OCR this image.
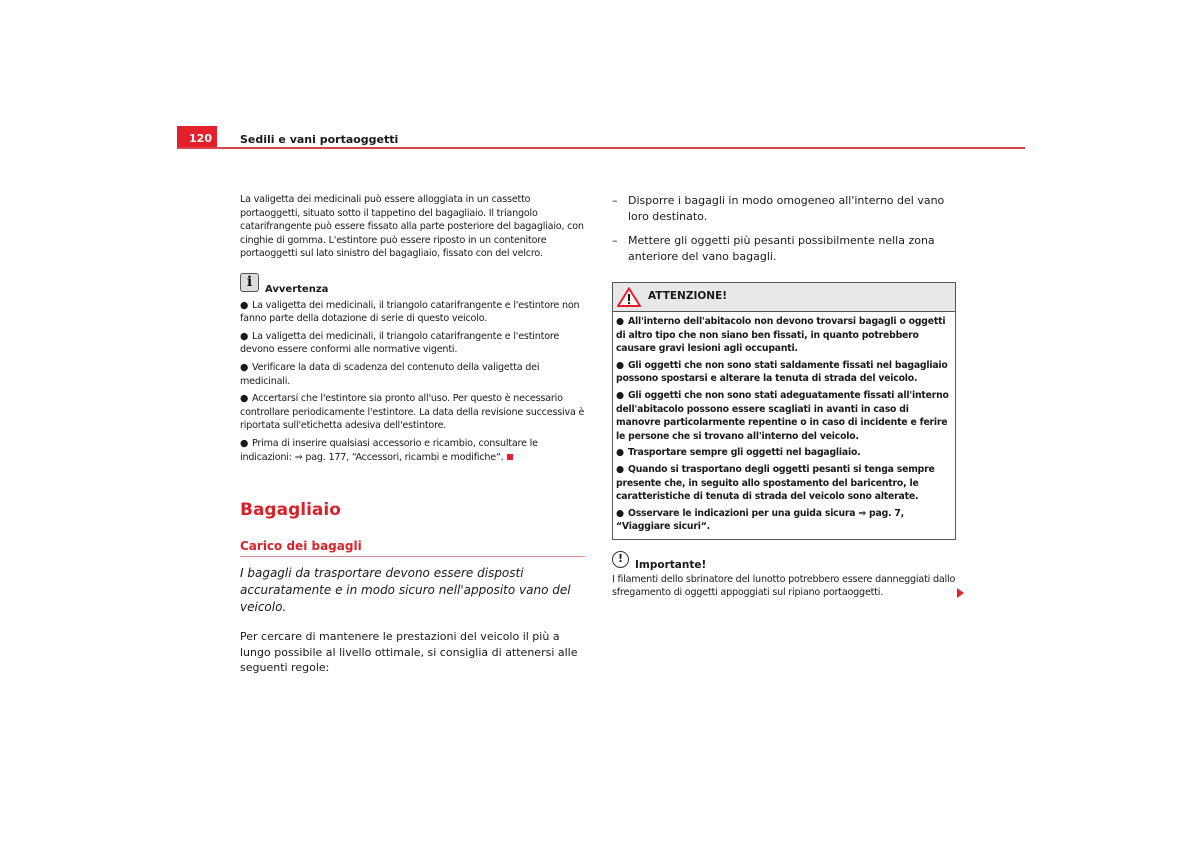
120	Sedili e vani portaoggetti

La valigetta dei medicinali può essere alloggiata in un cassetto portaoggetti, situato sotto il tappetino del bagagliaio. Il triangolo catarifrangente può essere fissato alla parte posteriore del bagagliaio, con cinghie di gomma. L'estintore può essere riposto in un contenitore portaoggetti sul lato sinistro del bagagliaio, fissato con del velcro.

i	Avvertenza

● La valigetta dei medicinali, il triangolo catarifrangente e l'estintore non fanno parte della dotazione di serie di questo veicolo.

● La valigetta dei medicinali, il triangolo catarifrangente e l'estintore devono essere conformi alle normative vigenti.

● Verificare la data di scadenza del contenuto della valigetta dei medicinali.

● Accertarsi che l'estintore sia pronto all'uso. Per questo è necessario controllare periodicamente l'estintore. La data della revisione successiva è riportata sull'etichetta adesiva dell'estintore.

● Prima di inserire qualsiasi accessorio e ricambio, consultare le indicazioni: ⇒ pag. 177, “Accessori, ricambi e modifiche“.

Bagagliaio
Carico dei bagagli

I bagagli da trasportare devono essere disposti accuratamente e in modo sicuro nell'apposito vano del veicolo.

Per cercare di mantenere le prestazioni del veicolo il più a lungo possibile al livello ottimale, si consiglia di attenersi alle seguenti regole:

– Disporre i bagagli in modo omogeneo all'interno del vano loro destinato.
– Mettere gli oggetti più pesanti possibilmente nella zona anteriore del vano bagagli.
ATTENZIONE!

● All'interno dell'abitacolo non devono trovarsi bagagli o oggetti di altro tipo che non siano ben fissati, in quanto potrebbero causare gravi lesioni agli occupanti.

● Gli oggetti che non sono stati saldamente fissati nel bagagliaio possono spostarsi e alterare la tenuta di strada del veicolo.

● Gli oggetti che non sono stati adeguatamente fissati all'interno dell'abitacolo possono essere scagliati in avanti in caso di manovre particolarmente repentine o in caso di incidente e ferire le persone che si trovano all'interno del veicolo.

● Trasportare sempre gli oggetti nel bagagliaio.

● Quando si trasportano degli oggetti pesanti si tenga sempre presente che, in seguito allo spostamento del baricentro, le caratteristiche di tenuta di strada del veicolo sono alterate.

● Osservare le indicazioni per una guida sicura ⇒ pag. 7, “Viaggiare sicuri“.

!	Importante!

I filamenti dello sbrinatore del lunotto potrebbero essere danneggiati dallo sfregamento di oggetti appoggiati sul ripiano portaoggetti.
